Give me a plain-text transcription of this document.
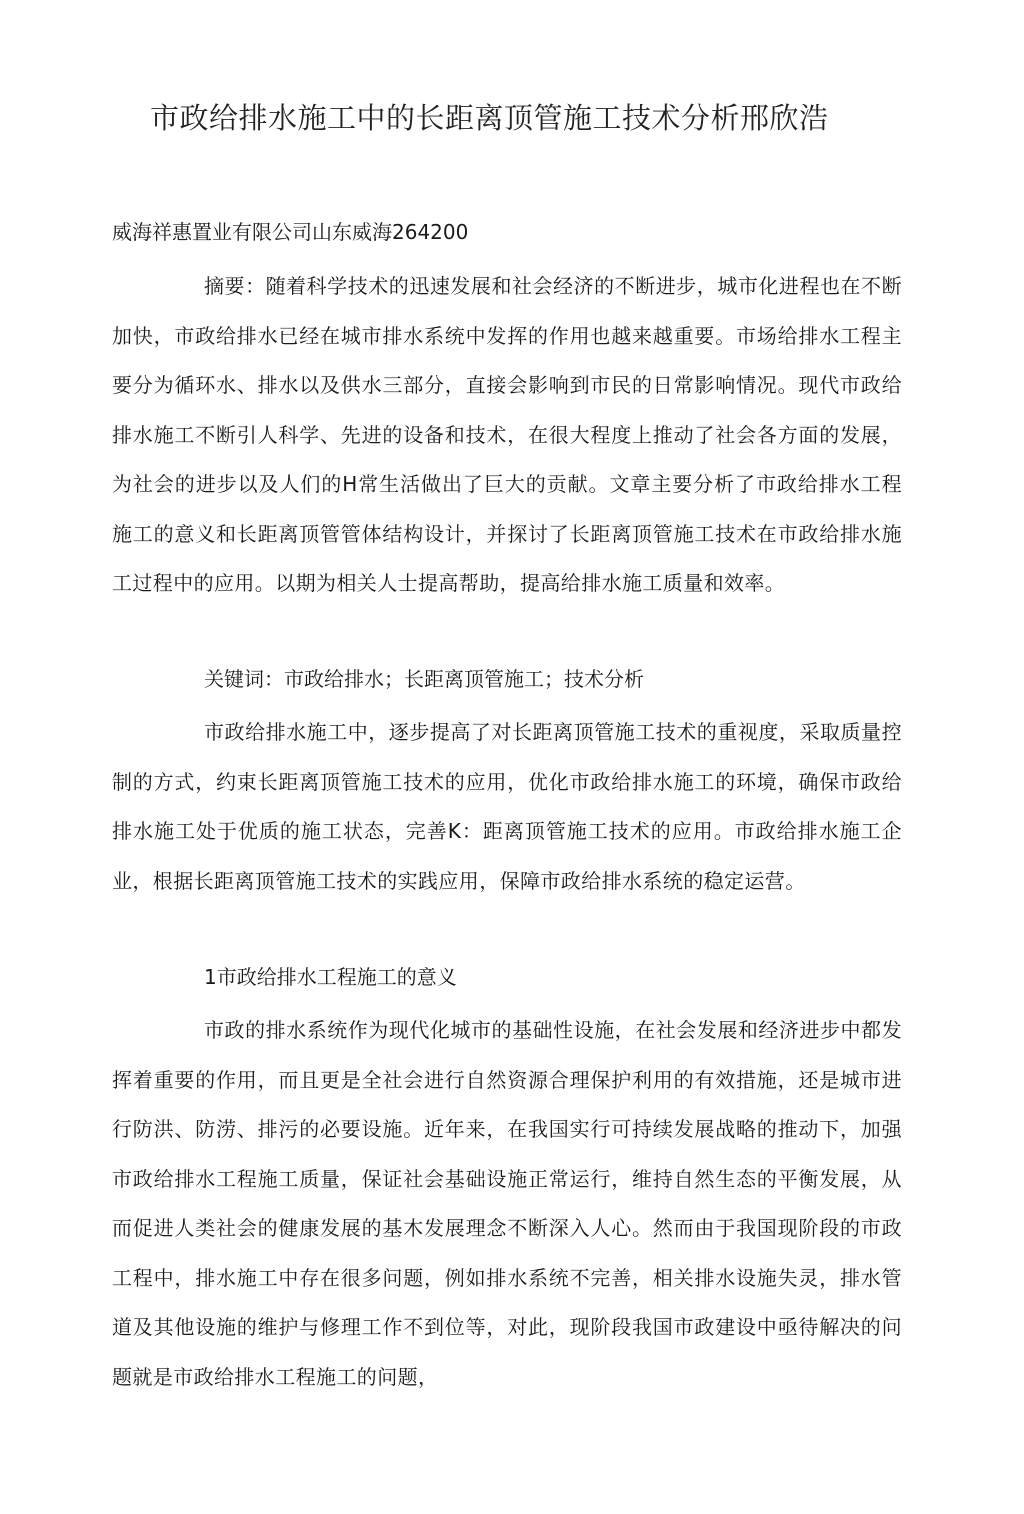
市政给排水施工中的长距离顶管施工技术分析邢欣浩
威海祥惠置业有限公司山东威海264200

摘要：随着科学技术的迅速发展和社会经济的不断进步，城市化进程也在不断加快，市政给排水已经在城市排水系统中发挥的作用也越来越重要。市场给排水工程主要分为循环水、排水以及供水三部分，直接会影响到市民的日常影响情况。现代市政给排水施工不断引人科学、先进的设备和技术，在很大程度上推动了社会各方面的发展，为社会的进步以及人们的H常生活做出了巨大的贡献。文章主要分析了市政给排水工程施工的意义和长距离顶管管体结构设计，并探讨了长距离顶管施工技术在市政给排水施工过程中的应用。以期为相关人士提高帮助，提高给排水施工质量和效率。

关键词：市政给排水；长距离顶管施工；技术分析

市政给排水施工中，逐步提高了对长距离顶管施工技术的重视度，采取质量控制的方式，约束长距离顶管施工技术的应用，优化市政给排水施工的环境，确保市政给排水施工处于优质的施工状态，完善K：距离顶管施工技术的应用。市政给排水施工企业，根据长距离顶管施工技术的实践应用，保障市政给排水系统的稳定运营。

1市政给排水工程施工的意义

市政的排水系统作为现代化城市的基础性设施，在社会发展和经济进步中都发挥着重要的作用，而且更是全社会进行自然资源合理保护利用的有效措施，还是城市进行防洪、防涝、排污的必要设施。近年来，在我国实行可持续发展战略的推动下，加强市政给排水工程施工质量，保证社会基础设施正常运行，维持自然生态的平衡发展，从而促进人类社会的健康发展的基木发展理念不断深入人心。然而由于我国现阶段的市政工程中，排水施工中存在很多问题，例如排水系统不完善，相关排水设施失灵，排水管道及其他设施的维护与修理工作不到位等，对此，现阶段我国市政建设中亟待解决的问题就是市政给排水工程施工的问题，
